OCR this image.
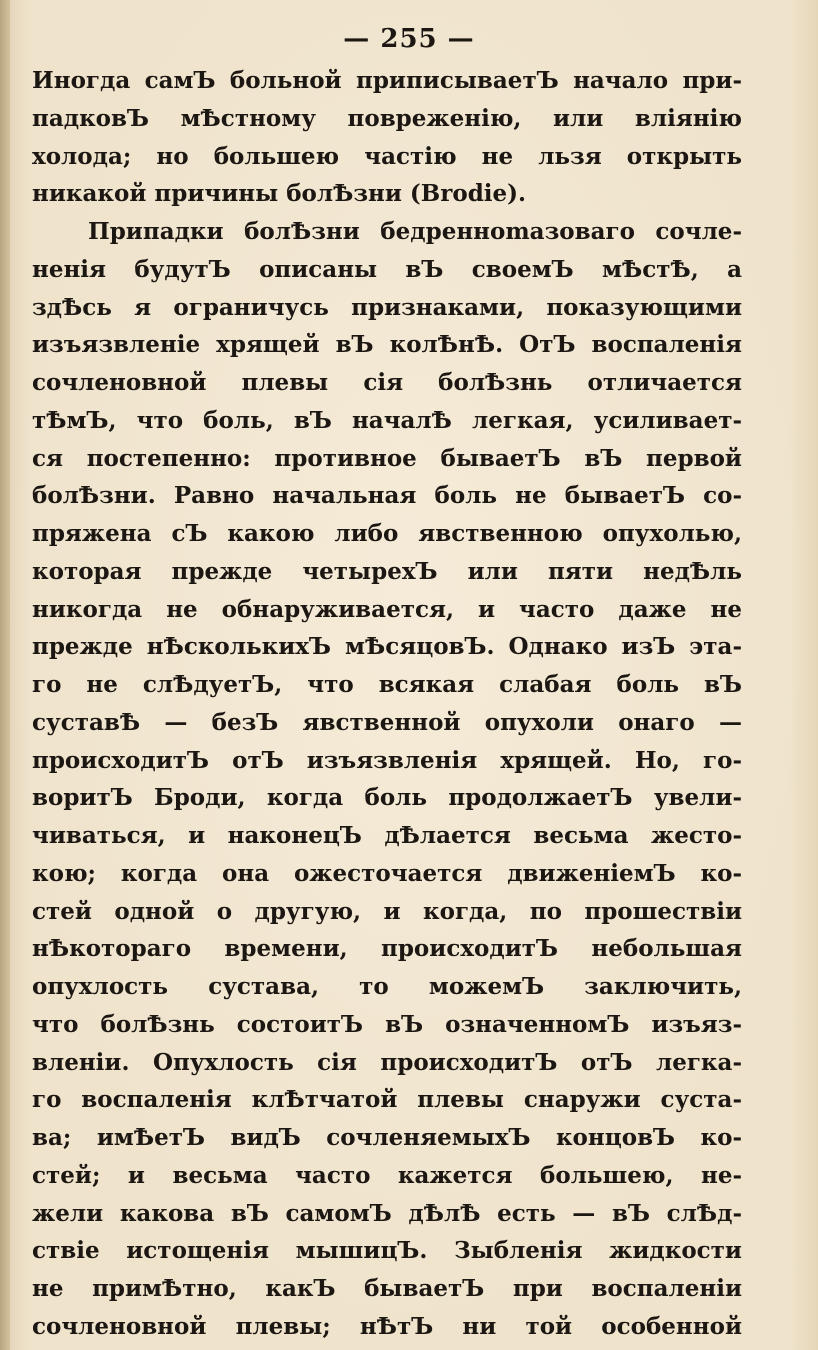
— 255 —
Иногда самЪ больной приписываетЪ начало при-
падковЪ мѢстному повреженію, или вліянію
холода; но большею частію не льзя открыть
никакой причины болѢзни (Brodie).
Припадки болѢзни бедренноmазоваго сочле-
ненія будутЪ описаны вЪ своемЪ мѢстѢ, а
здѢсь я ограничусь признаками, показующими
изъязвленіе хрящей вЪ колѢнѢ. ОтЪ воспаленія
сочленовной плевы сія болѢзнь отличается
тѢмЪ, что боль, вЪ началѢ легкая, усиливает-
ся постепенно: противное бываетЪ вЪ первой
болѢзни. Равно начальная боль не бываетЪ со-
пряжена сЪ какою либо явственною опухолью,
которая прежде четырехЪ или пяти недѢль
никогда не обнаруживается, и часто даже не
прежде нѢсколькихЪ мѢсяцовЪ. Однако изЪ эта-
го не слѢдуетЪ, что всякая слабая боль вЪ
суставѢ — безЪ явственной опухоли онаго —
происходитЪ отЪ изъязвленія хрящей. Но, го-
воритЪ Броди, когда боль продолжаетЪ увели-
чиваться, и наконецЪ дѢлается весьма жесто-
кою; когда она ожесточается движеніемЪ ко-
стей одной о другую, и когда, по прошествіи
нѢкотораго времени, происходитЪ небольшая
опухлость сустава, то можемЪ заключить,
что болѢзнь состоитЪ вЪ означенномЪ изъяз-
вленіи. Опухлость сія происходитЪ отЪ легка-
го воспаленія клѢтчатой плевы снаружи суста-
ва; имѢетЪ видЪ сочленяемыхЪ концовЪ ко-
стей; и весьма часто кажется большею, не-
жели какова вЪ самомЪ дѢлѢ есть — вЪ слѢд-
ствіе истощенія мышицЪ. Зыбленія жидкости
не примѢтно, какЪ бываетЪ при воспаленіи
сочленовной плевы; нѢтЪ ни той особенной
